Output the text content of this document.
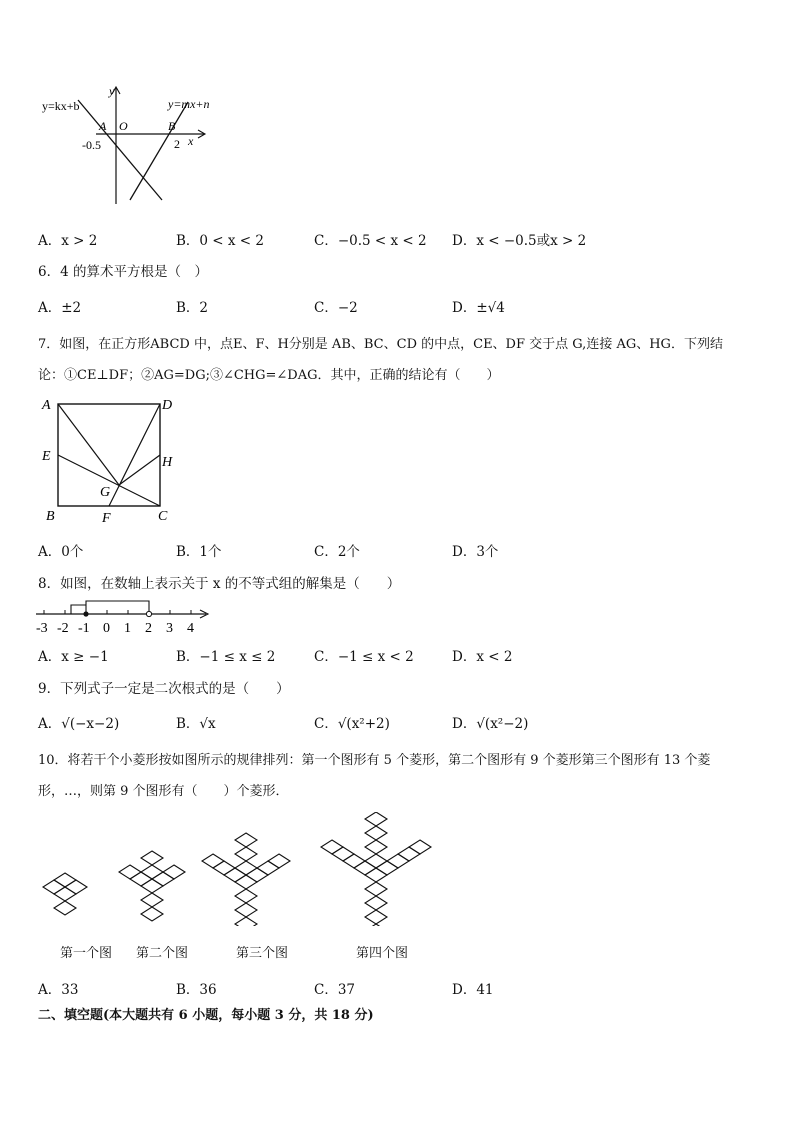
y=kx+b	y=mx+n
y
x
A O	B
-0.5	2
A．x > 2	B．0 < x < 2	C．−0.5 < x < 2 D．x < −0.5或x > 2
6．4 的算术平方根是（　）
A．±2	B．2	C．−2	D．±√4
7．如图，在正方形ABCD 中，点E、F、H分别是 AB、BC、CD 的中点，CE、DF 交于点 G,连接 AG、HG．下列结
论：①CE⊥DF；②AG=DG;③∠CHG=∠DAG．其中，正确的结论有（　　）
A	D
E	H
G
B	F	C
A．0个	B．1个	C．2个	D．3个
8．如图，在数轴上表示关于 x 的不等式组的解集是（　　）
-3 -2 -1 0 1 2 3 4
A．x ≥ −1	B．−1 ≤ x ≤ 2	C．−1 ≤ x < 2	D．x < 2
9．下列式子一定是二次根式的是（　　）
A．√(−x−2)	B．√x	C．√(x²+2)	D．√(x²−2)
10．将若干个小菱形按如图所示的规律排列：第一个图形有 5 个菱形，第二个图形有 9 个菱形第三个图形有 13 个菱
形，…，则第 9 个图形有（　　）个菱形．
第一个图 第二个图	第三个图	第四个图
A．33	B．36	C．37	D．41
二、填空题(本大题共有 6 小题，每小题 3 分，共 18 分)
